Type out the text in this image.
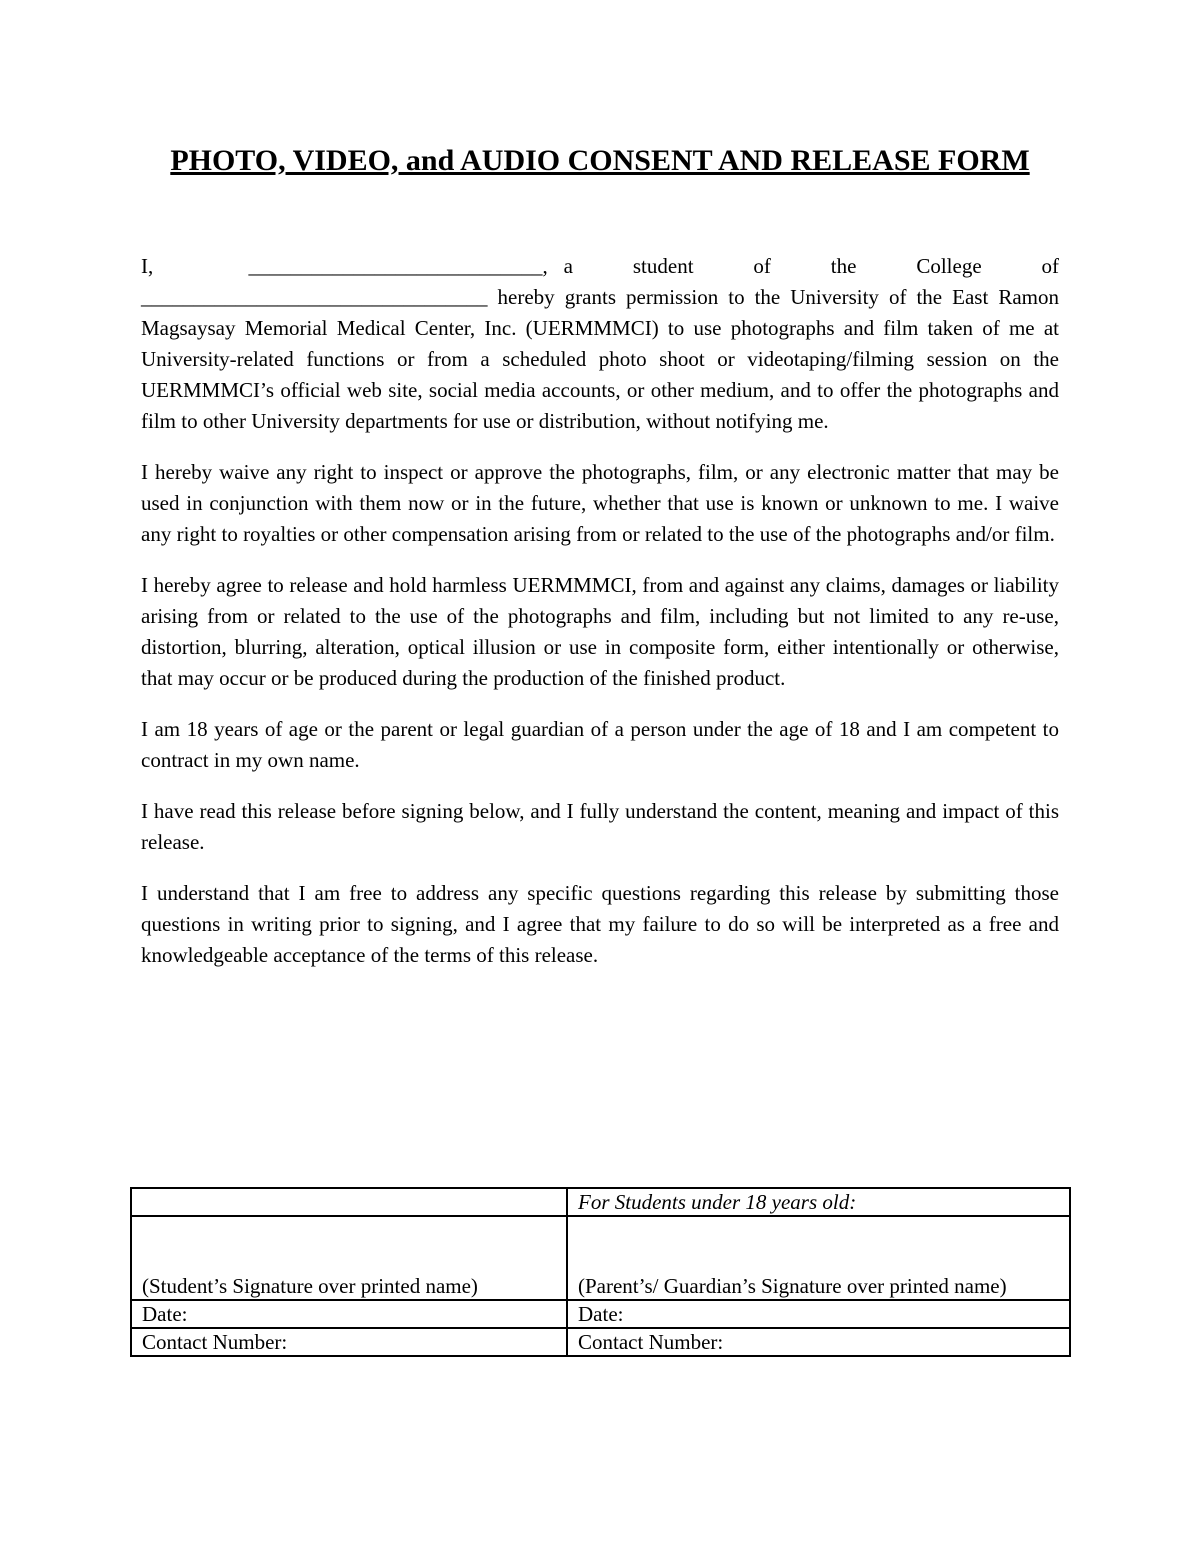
PHOTO, VIDEO, and AUDIO CONSENT AND RELEASE FORM

I,	____________________________, a student of the College of _________________________________ hereby grants permission to the University of the East Ramon Magsaysay Memorial Medical Center, Inc. (UERMMMCI) to use photographs and film taken of me at University-related functions or from a scheduled photo shoot or videotaping/filming session on the UERMMMCI’s official web site, social media accounts, or other medium, and to offer the photographs and film to other University departments for use or distribution, without notifying me.

I hereby waive any right to inspect or approve the photographs, film, or any electronic matter that may be used in conjunction with them now or in the future, whether that use is known or unknown to me. I waive any right to royalties or other compensation arising from or related to the use of the photographs and/or film.

I hereby agree to release and hold harmless UERMMMCI, from and against any claims, damages or liability arising from or related to the use of the photographs and film, including but not limited to any re-use, distortion, blurring, alteration, optical illusion or use in composite form, either intentionally or otherwise, that may occur or be produced during the production of the finished product.

I am 18 years of age or the parent or legal guardian of a person under the age of 18 and I am competent to contract in my own name.

I have read this release before signing below, and I fully understand the content, meaning and impact of this release.

I understand that I am free to address any specific questions regarding this release by submitting those questions in writing prior to signing, and I agree that my failure to do so will be interpreted as a free and knowledgeable acceptance of the terms of this release.

	For Students under 18 years old:
(Student’s Signature over printed name)	(Parent’s/ Guardian’s Signature over printed name)
Date:	Date:
Contact Number:	Contact Number:
